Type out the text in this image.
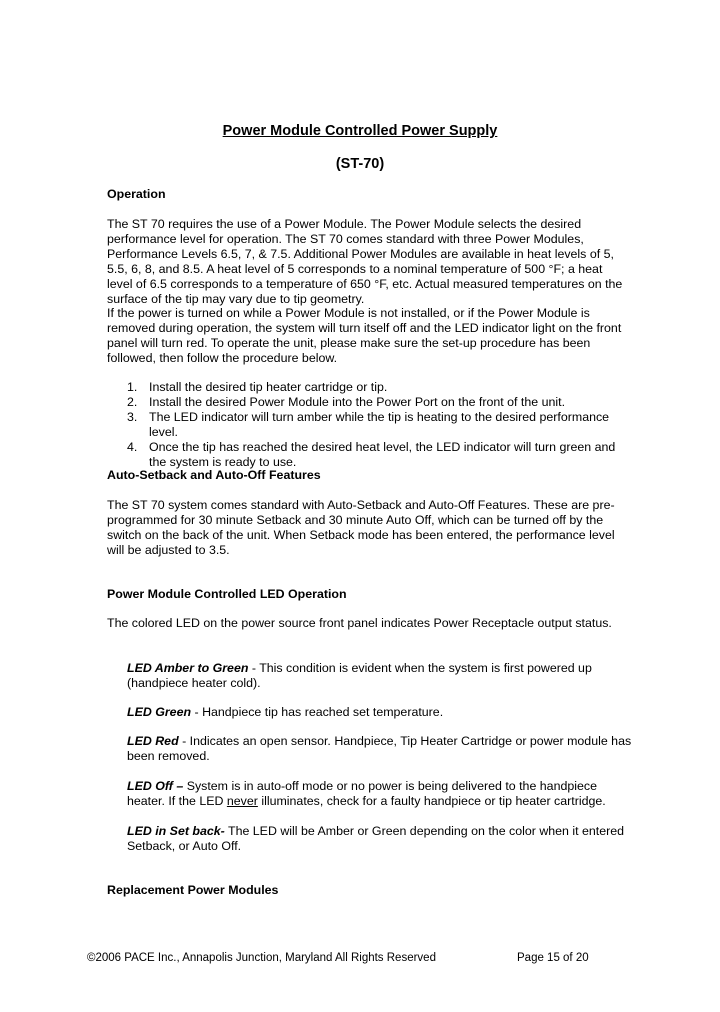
Power Module Controlled Power Supply
(ST-70)
Operation

The ST 70 requires the use of a Power Module. The Power Module selects the desired performance level for operation. The ST 70 comes standard with three Power Modules, Performance Levels 6.5, 7, & 7.5. Additional Power Modules are available in heat levels of 5, 5.5, 6, 8, and 8.5. A heat level of 5 corresponds to a nominal temperature of 500 °F; a heat level of 6.5 corresponds to a temperature of 650 °F, etc. Actual measured temperatures on the surface of the tip may vary due to tip geometry.

If the power is turned on while a Power Module is not installed, or if the Power Module is removed during operation, the system will turn itself off and the LED indicator light on the front panel will turn red. To operate the unit, please make sure the set-up procedure has been followed, then follow the procedure below.

1. Install the desired tip heater cartridge or tip.
2. Install the desired Power Module into the Power Port on the front of the unit.
3. The LED indicator will turn amber while the tip is heating to the desired performance level.
4. Once the tip has reached the desired heat level, the LED indicator will turn green and the system is ready to use.
Auto-Setback and Auto-Off Features

The ST 70 system comes standard with Auto-Setback and Auto-Off Features. These are pre-programmed for 30 minute Setback and 30 minute Auto Off, which can be turned off by the switch on the back of the unit. When Setback mode has been entered, the performance level will be adjusted to 3.5.

Power Module Controlled LED Operation

The colored LED on the power source front panel indicates Power Receptacle output status.

LED Amber to Green - This condition is evident when the system is first powered up (handpiece heater cold).

LED Green - Handpiece tip has reached set temperature.

LED Red - Indicates an open sensor. Handpiece, Tip Heater Cartridge or power module has been removed.

LED Off – System is in auto-off mode or no power is being delivered to the handpiece heater. If the LED never illuminates, check for a faulty handpiece or tip heater cartridge.

LED in Set back- The LED will be Amber or Green depending on the color when it entered Setback, or Auto Off.

Replacement Power Modules
©2006 PACE Inc., Annapolis Junction, Maryland All Rights Reserved	Page 15 of 20
